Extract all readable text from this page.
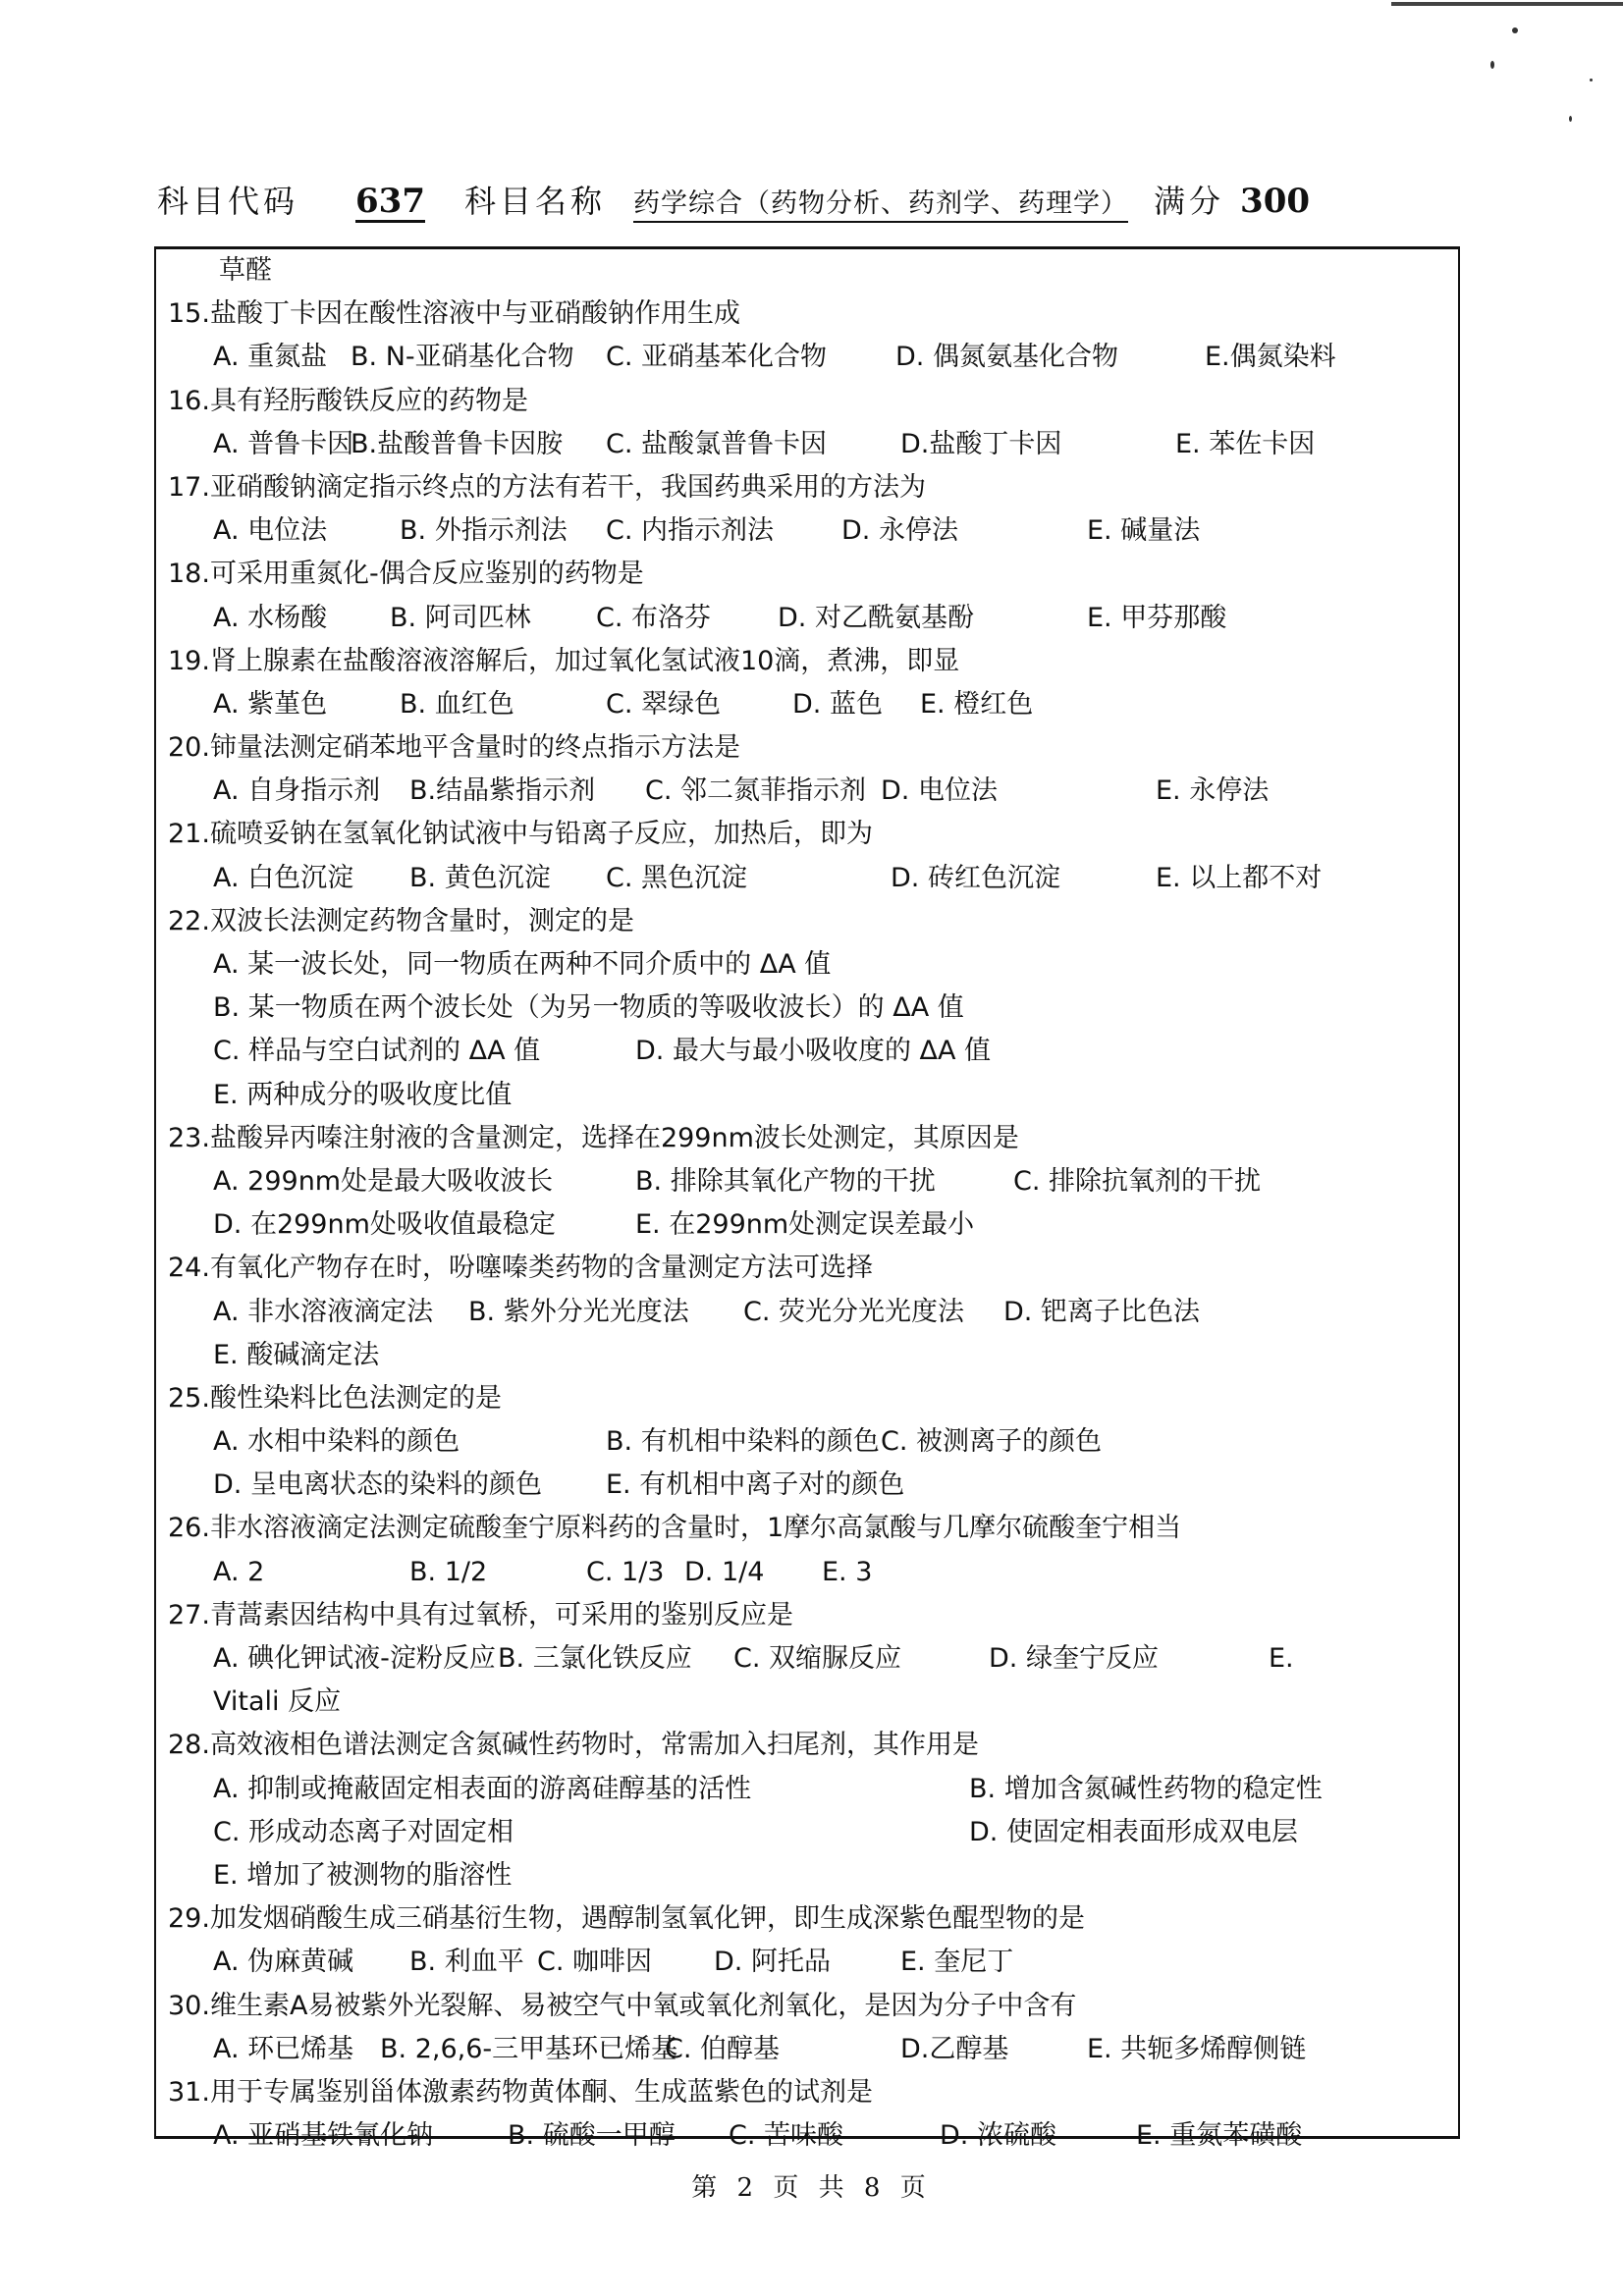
科目代码 637 科目名称 药学综合（药物分析、药剂学、药理学） 满分 300
草醛
15.盐酸丁卡因在酸性溶液中与亚硝酸钠作用生成
A. 重氮盐 B. N-亚硝基化合物 C. 亚硝基苯化合物	D. 偶氮氨基化合物	E.偶氮染料
16.具有羟肟酸铁反应的药物是
A. 普鲁卡因
B.盐酸普鲁卡因胺 C. 盐酸氯普鲁卡因	D.盐酸丁卡因	E. 苯佐卡因
17.亚硝酸钠滴定指示终点的方法有若干，我国药典采用的方法为
A. 电位法	B. 外指示剂法 C. 内指示剂法	D. 永停法	E. 碱量法
18.可采用重氮化-偶合反应鉴别的药物是
A. 水杨酸 B. 阿司匹林 C. 布洛芬	D. 对乙酰氨基酚	E. 甲芬那酸
19.肾上腺素在盐酸溶液溶解后，加过氧化氢试液10滴，煮沸，即显
A. 紫堇色	B. 血红色	C. 翠绿色	D. 蓝色 E. 橙红色
20.铈量法测定硝苯地平含量时的终点指示方法是
A. 自身指示剂 B.结晶紫指示剂 C. 邻二氮菲指示剂 D. 电位法	E. 永停法
21.硫喷妥钠在氢氧化钠试液中与铅离子反应，加热后，即为
A. 白色沉淀 B. 黄色沉淀 C. 黑色沉淀	D. 砖红色沉淀	E. 以上都不对
22.双波长法测定药物含量时，测定的是
A. 某一波长处，同一物质在两种不同介质中的 ΔA 值
B. 某一物质在两个波长处（为另一物质的等吸收波长）的 ΔA 值
C. 样品与空白试剂的 ΔA 值	D. 最大与最小吸收度的 ΔA 值
E. 两种成分的吸收度比值
23.盐酸异丙嗪注射液的含量测定，选择在299nm波长处测定，其原因是
A. 299nm处是最大吸收波长	B. 排除其氧化产物的干扰	C. 排除抗氧剂的干扰
D. 在299nm处吸收值最稳定	E. 在299nm处测定误差最小
24.有氧化产物存在时，吩噻嗪类药物的含量测定方法可选择
A. 非水溶液滴定法 B. 紫外分光光度法 C. 荧光分光光度法 D. 钯离子比色法
E. 酸碱滴定法
25.酸性染料比色法测定的是
A. 水相中染料的颜色	B. 有机相中染料的颜色 C. 被测离子的颜色
D. 呈电离状态的染料的颜色 E. 有机相中离子对的颜色
26.非水溶液滴定法测定硫酸奎宁原料药的含量时，1摩尔高氯酸与几摩尔硫酸奎宁相当
A. 2	B. 1/2	C. 1/3 D. 1/4 E. 3
27.青蒿素因结构中具有过氧桥，可采用的鉴别反应是
A. 碘化钾试液-淀粉反应 B. 三氯化铁反应 C. 双缩脲反应	D. 绿奎宁反应	E.
Vitali 反应
28.高效液相色谱法测定含氮碱性药物时，常需加入扫尾剂，其作用是
A. 抑制或掩蔽固定相表面的游离硅醇基的活性	B. 增加含氮碱性药物的稳定性
C. 形成动态离子对固定相	D. 使固定相表面形成双电层
E. 增加了被测物的脂溶性
29.加发烟硝酸生成三硝基衍生物，遇醇制氢氧化钾，即生成深紫色醌型物的是
A. 伪麻黄碱 B. 利血平 C. 咖啡因 D. 阿托品	E. 奎尼丁
30.维生素A易被紫外光裂解、易被空气中氧或氧化剂氧化，是因为分子中含有
A. 环已烯基 B. 2,6,6-三甲基环已烯基
C. 伯醇基	D.乙醇基	E. 共轭多烯醇侧链
31.用于专属鉴别甾体激素药物黄体酮、生成蓝紫色的试剂是
A. 亚硝基铁氰化钠	B. 硫酸一甲醇 C. 苦味酸	D. 浓硫酸	E. 重氮苯磺酸
第 2 页 共 8 页
